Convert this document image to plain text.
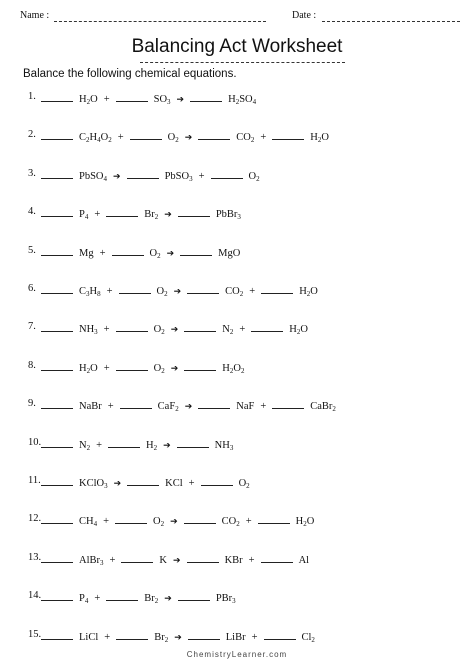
Name :	Date :
Balancing Act Worksheet
Balance the following chemical equations.
1.	$H_2O$ +	$SO_3$ ➔	$H_2SO_4$
2.	$C_2H_4O_2$ +	$O_2$ ➔	$CO_2$ +	$H_2O$
3.	PbSO$_4$ ➔	PbSO$_3$ +	$O_2$
4.	$P_4$ +	$Br_2$ ➔	PbBr$_3$
5.	Mg +	$O_2$ ➔	MgO
6.	$C_3H_8$ +	$O_2$ ➔	$CO_2$ +	$H_2O$
7.	$NH_3$ +	$O_2$ ➔	$N_2$ +	$H_2O$
8.	$H_2O$ +	$O_2$ ➔	$H_2O_2$
9.	NaBr +	CaF$_2$ ➔	NaF +	CaBr$_2$
10.	$N_2$ +	$H_2$ ➔	$NH_3$
11.	KClO$_3$ ➔	KCl +	$O_2$
12.	$CH_4$ +	$O_2$ ➔	$CO_2$ +	$H_2O$
13.	AlBr$_3$ +	K ➔	KBr +	Al
14.	$P_4$ +	$Br_2$ ➔	PBr$_3$
15.	LiCl +	$Br_2$ ➔	LiBr +	$Cl_2$
ChemistryLearner.com
